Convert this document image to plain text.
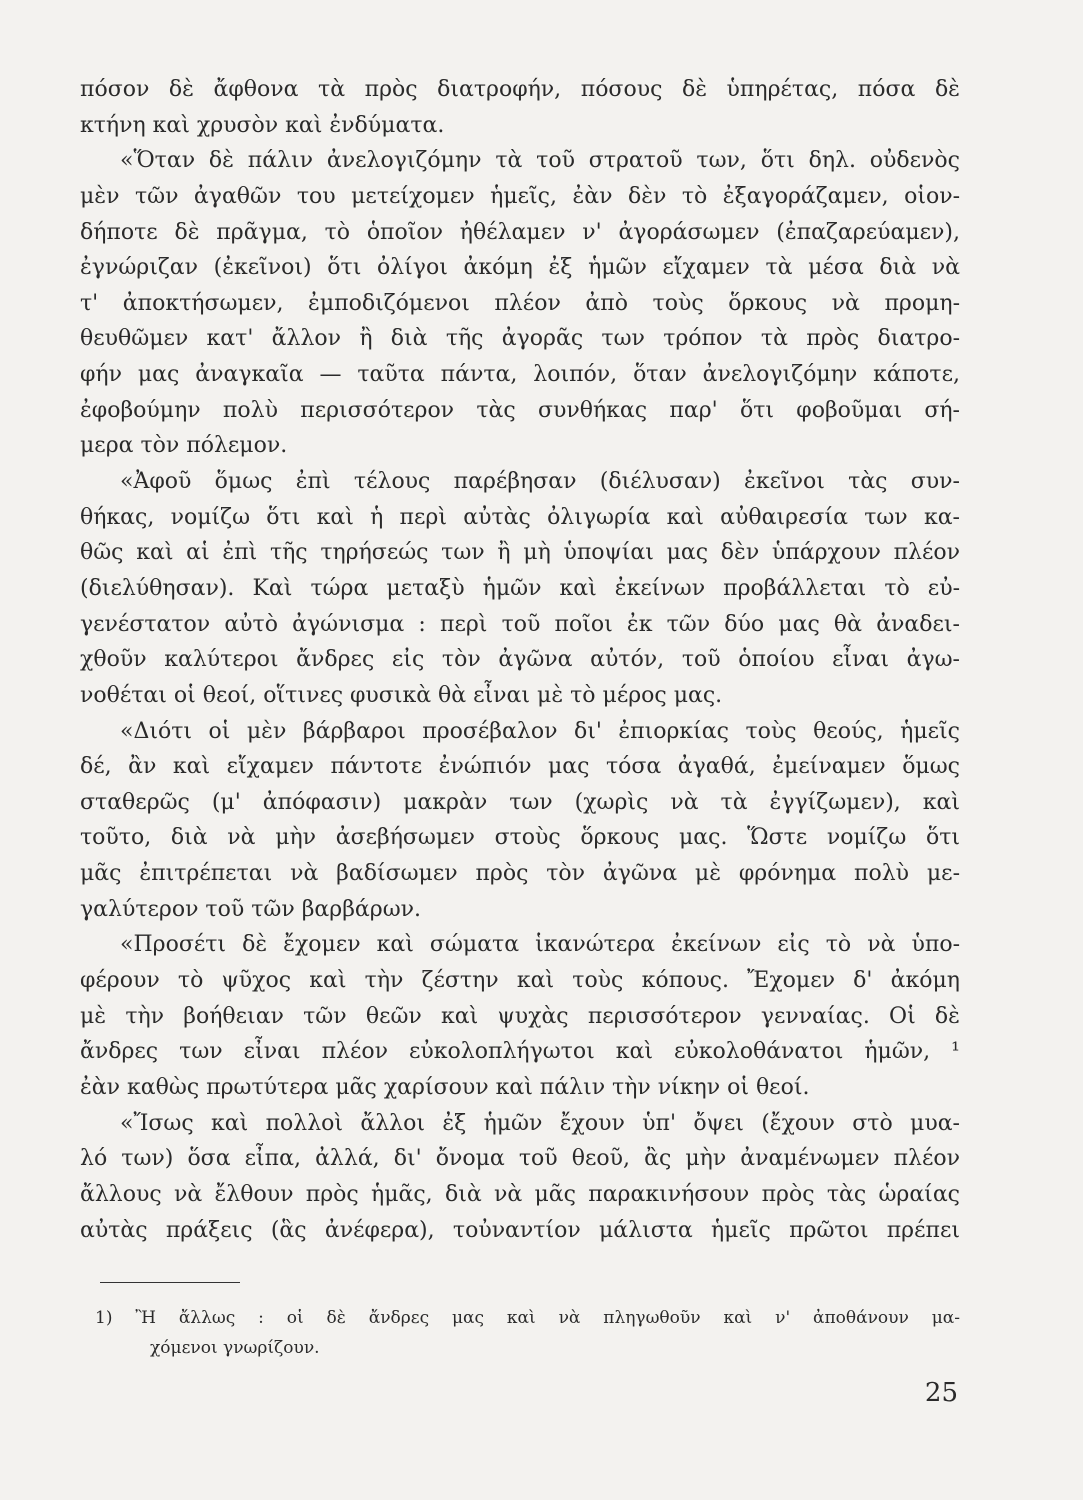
πόσον δὲ ἄφθονα τὰ πρὸς διατροφήν, πόσους δὲ ὑπηρέτας, πόσα δὲ
κτήνη καὶ χρυσὸν καὶ ἐνδύματα.
«Ὅταν δὲ πάλιν ἀνελογιζόμην τὰ τοῦ στρατοῦ των, ὅτι δηλ. οὐδενὸς
μὲν τῶν ἀγαθῶν του μετείχομεν ἡμεῖς, ἐὰν δὲν τὸ ἐξαγοράζαμεν, οἱον-
δήποτε δὲ πρᾶγμα, τὸ ὁποῖον ἠθέλαμεν ν' ἀγοράσωμεν (ἐπαζαρεύαμεν),
ἐγνώριζαν (ἐκεῖνοι) ὅτι ὀλίγοι ἀκόμη ἐξ ἡμῶν εἴχαμεν τὰ μέσα διὰ νὰ
τ' ἀποκτήσωμεν, ἐμποδιζόμενοι πλέον ἀπὸ τοὺς ὅρκους νὰ προμη-
θευθῶμεν κατ' ἄλλον ἢ διὰ τῆς ἀγορᾶς των τρόπον τὰ πρὸς διατρο-
φήν μας ἀναγκαῖα — ταῦτα πάντα, λοιπόν, ὅταν ἀνελογιζόμην κάποτε,
ἐφοβούμην πολὺ περισσότερον τὰς συνθήκας παρ' ὅτι φοβοῦμαι σή-
μερα τὸν πόλεμον.
«Ἀφοῦ ὅμως ἐπὶ τέλους παρέβησαν (διέλυσαν) ἐκεῖνοι τὰς συν-
θήκας, νομίζω ὅτι καὶ ἡ περὶ αὐτὰς ὀλιγωρία καὶ αὐθαιρεσία των κα-
θῶς καὶ αἱ ἐπὶ τῆς τηρήσεώς των ἢ μὴ ὑποψίαι μας δὲν ὑπάρχουν πλέον
(διελύθησαν). Καὶ τώρα μεταξὺ ἡμῶν καὶ ἐκείνων προβάλλεται τὸ εὐ-
γενέστατον αὐτὸ ἀγώνισμα : περὶ τοῦ ποῖοι ἐκ τῶν δύο μας θὰ ἀναδει-
χθοῦν καλύτεροι ἄνδρες εἰς τὸν ἀγῶνα αὐτόν, τοῦ ὁποίου εἶναι ἀγω-
νοθέται οἱ θεοί, οἵτινες φυσικὰ θὰ εἶναι μὲ τὸ μέρος μας.
«Διότι οἱ μὲν βάρβαροι προσέβαλον δι' ἐπιορκίας τοὺς θεούς, ἡμεῖς
δέ, ἂν καὶ εἴχαμεν πάντοτε ἐνώπιόν μας τόσα ἀγαθά, ἐμείναμεν ὅμως
σταθερῶς (μ' ἀπόφασιν) μακρὰν των (χωρὶς νὰ τὰ ἐγγίζωμεν), καὶ
τοῦτο, διὰ νὰ μὴν ἀσεβήσωμεν στοὺς ὅρκους μας. Ὥστε νομίζω ὅτι
μᾶς ἐπιτρέπεται νὰ βαδίσωμεν πρὸς τὸν ἀγῶνα μὲ φρόνημα πολὺ με-
γαλύτερον τοῦ τῶν βαρβάρων.
«Προσέτι δὲ ἔχομεν καὶ σώματα ἱκανώτερα ἐκείνων εἰς τὸ νὰ ὑπο-
φέρουν τὸ ψῦχος καὶ τὴν ζέστην καὶ τοὺς κόπους. Ἔχομεν δ' ἀκόμη
μὲ τὴν βοήθειαν τῶν θεῶν καὶ ψυχὰς περισσότερον γενναίας. Οἱ δὲ
ἄνδρες των εἶναι πλέον εὐκολοπλήγωτοι καὶ εὐκολοθάνατοι ἡμῶν, ¹
ἐὰν καθὼς πρωτύτερα μᾶς χαρίσουν καὶ πάλιν τὴν νίκην οἱ θεοί.
«Ἴσως καὶ πολλοὶ ἄλλοι ἐξ ἡμῶν ἔχουν ὑπ' ὄψει (ἔχουν στὸ μυα-
λό των) ὅσα εἶπα, ἀλλά, δι' ὄνομα τοῦ θεοῦ, ἂς μὴν ἀναμένωμεν πλέον
ἄλλους νὰ ἔλθουν πρὸς ἡμᾶς, διὰ νὰ μᾶς παρακινήσουν πρὸς τὰς ὡραίας
αὐτὰς πράξεις (ἃς ἀνέφερα), τοὐναντίον μάλιστα ἡμεῖς πρῶτοι πρέπει
1) Ἢ ἄλλως : οἱ δὲ ἄνδρες μας καὶ νὰ πληγωθοῦν καὶ ν' ἀποθάνουν μα-
χόμενοι γνωρίζουν.
25
